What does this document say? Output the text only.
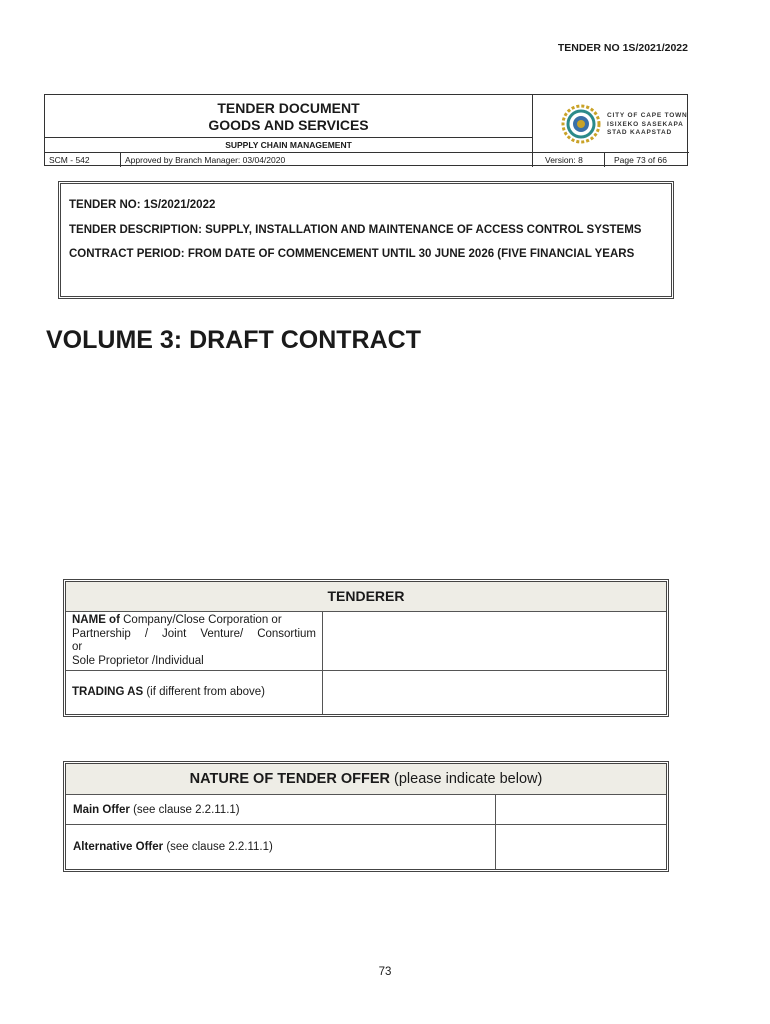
TENDER NO 1S/2021/2022
TENDER DOCUMENT
GOODS AND SERVICES
SUPPLY CHAIN MANAGEMENT
CITY OF CAPE TOWN
ISIXEKO SASEKAPA
STAD KAAPSTAD
SCM - 542	Approved by Branch Manager: 03/04/2020	Version: 8	Page 73 of 66

TENDER NO: 1S/2021/2022

TENDER DESCRIPTION: SUPPLY, INSTALLATION AND MAINTENANCE OF ACCESS CONTROL SYSTEMS

CONTRACT PERIOD: FROM DATE OF COMMENCEMENT UNTIL 30 JUNE 2026 (FIVE FINANCIAL YEARS

VOLUME 3: DRAFT CONTRACT
TENDERER
NAME of Company/Close Corporation or
Partnership / Joint Venture/ Consortium
or
Sole Proprietor /Individual
TRADING AS (if different from above)
NATURE OF TENDER OFFER (please indicate below)
Main Offer (see clause 2.2.11.1)
Alternative Offer (see clause 2.2.11.1)
73
